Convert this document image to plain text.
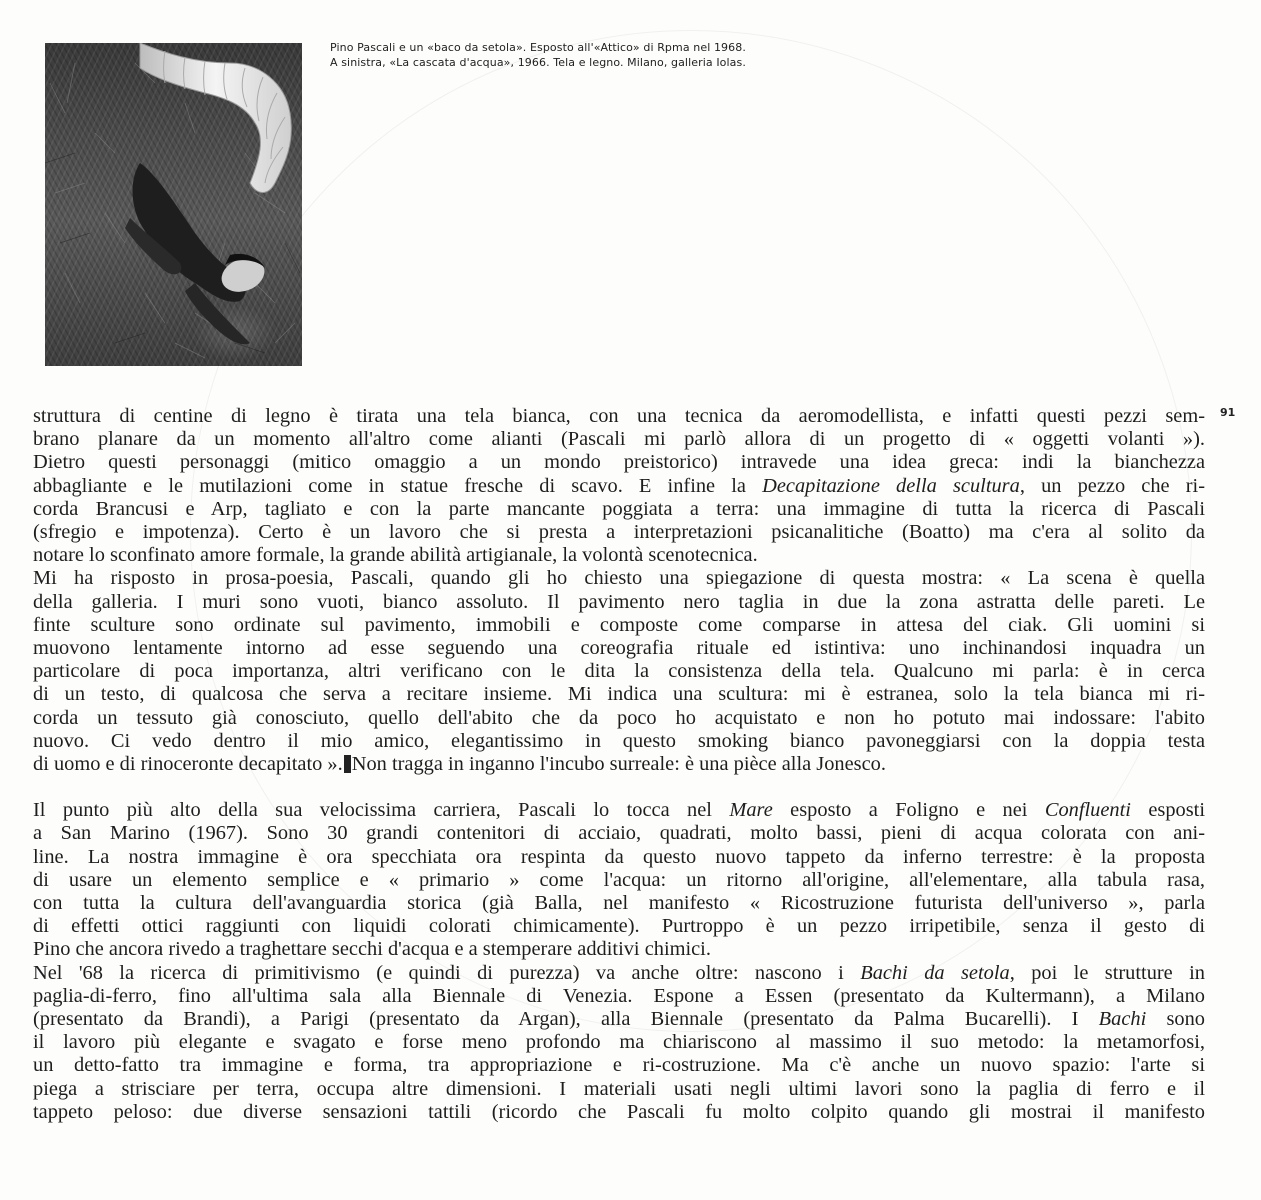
Pino Pascali e un «baco da setola». Esposto all'«Attico» di Rpma nel 1968.
A sinistra, «La cascata d'acqua», 1966. Tela e legno. Milano, galleria Iolas.
91
struttura di centine di legno è tirata una tela bianca, con una tecnica da aeromodellista, e infatti questi pezzi sem-
brano planare da un momento all'altro come alianti (Pascali mi parlò allora di un progetto di « oggetti volanti »).
Dietro questi personaggi (mitico omaggio a un mondo preistorico) intravede una idea greca: indi la bianchezza
abbagliante e le mutilazioni come in statue fresche di scavo. E infine la Decapitazione della scultura, un pezzo che ri-
corda Brancusi e Arp, tagliato e con la parte mancante poggiata a terra: una immagine di tutta la ricerca di Pascali
(sfregio e impotenza). Certo è un lavoro che si presta a interpretazioni psicanalitiche (Boatto) ma c'era al solito da
notare lo sconfinato amore formale, la grande abilità artigianale, la volontà scenotecnica.
Mi ha risposto in prosa-poesia, Pascali, quando gli ho chiesto una spiegazione di questa mostra: « La scena è quella
della galleria. I muri sono vuoti, bianco assoluto. Il pavimento nero taglia in due la zona astratta delle pareti. Le
finte sculture sono ordinate sul pavimento, immobili e composte come comparse in attesa del ciak. Gli uomini si
muovono lentamente intorno ad esse seguendo una coreografia rituale ed istintiva: uno inchinandosi inquadra un
particolare di poca importanza, altri verificano con le dita la consistenza della tela. Qualcuno mi parla: è in cerca
di un testo, di qualcosa che serva a recitare insieme. Mi indica una scultura: mi è estranea, solo la tela bianca mi ri-
corda un tessuto già conosciuto, quello dell'abito che da poco ho acquistato e non ho potuto mai indossare: l'abito
nuovo. Ci vedo dentro il mio amico, elegantissimo in questo smoking bianco pavoneggiarsi con la doppia testa
di uomo e di rinoceronte decapitato ». Non tragga in inganno l'incubo surreale: è una pièce alla Jonesco.
Il punto più alto della sua velocissima carriera, Pascali lo tocca nel Mare esposto a Foligno e nei Confluenti esposti
a San Marino (1967). Sono 30 grandi contenitori di acciaio, quadrati, molto bassi, pieni di acqua colorata con ani-
line. La nostra immagine è ora specchiata ora respinta da questo nuovo tappeto da inferno terrestre: è la proposta
di usare un elemento semplice e « primario » come l'acqua: un ritorno all'origine, all'elementare, alla tabula rasa,
con tutta la cultura dell'avanguardia storica (già Balla, nel manifesto « Ricostruzione futurista dell'universo », parla
di effetti ottici raggiunti con liquidi colorati chimicamente). Purtroppo è un pezzo irripetibile, senza il gesto di
Pino che ancora rivedo a traghettare secchi d'acqua e a stemperare additivi chimici.
Nel '68 la ricerca di primitivismo (e quindi di purezza) va anche oltre: nascono i Bachi da setola, poi le strutture in
paglia-di-ferro, fino all'ultima sala alla Biennale di Venezia. Espone a Essen (presentato da Kultermann), a Milano
(presentato da Brandi), a Parigi (presentato da Argan), alla Biennale (presentato da Palma Bucarelli). I Bachi sono
il lavoro più elegante e svagato e forse meno profondo ma chiariscono al massimo il suo metodo: la metamorfosi,
un detto-fatto tra immagine e forma, tra appropriazione e ri-costruzione. Ma c'è anche un nuovo spazio: l'arte si
piega a strisciare per terra, occupa altre dimensioni. I materiali usati negli ultimi lavori sono la paglia di ferro e il
tappeto peloso: due diverse sensazioni tattili (ricordo che Pascali fu molto colpito quando gli mostrai il manifesto
